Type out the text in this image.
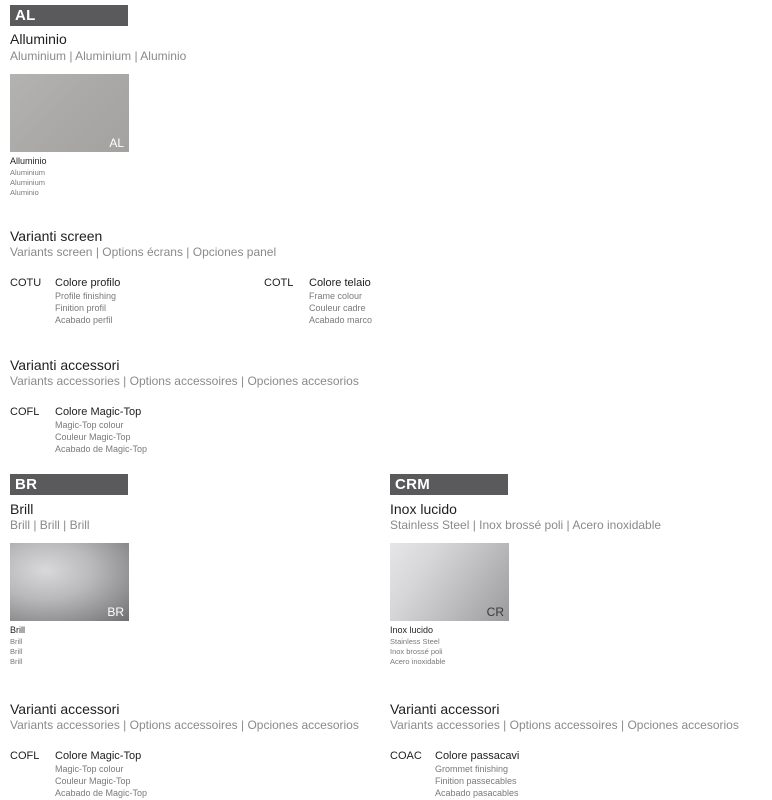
AL
Alluminio
Aluminium | Aluminium | Aluminio
AL
Alluminio
Aluminium
Aluminium
Aluminio
Varianti screen
Variants screen | Options écrans | Opciones panel
COTU Colore profilo
Profile finishing
Finition profil
Acabado perfil
COTL Colore telaio
Frame colour
Couleur cadre
Acabado marco
Varianti accessori
Variants accessories | Options accessoires | Opciones accesorios
COFL Colore Magic-Top
Magic-Top colour
Couleur Magic-Top
Acabado de Magic-Top
BR
Brill
Brill | Brill | Brill
BR
Brill
Brill
Brill
Brill
Varianti accessori
Variants accessories | Options accessoires | Opciones accesorios
COFL Colore Magic-Top
Magic-Top colour
Couleur Magic-Top
Acabado de Magic-Top
CRM
Inox lucido
Stainless Steel | Inox brossé poli | Acero inoxidable
CR
Inox lucido
Stainless Steel
Inox brossé poli
Acero inoxidable
Varianti accessori
Variants accessories | Options accessoires | Opciones accesorios
COAC Colore passacavi
Grommet finishing
Finition passecables
Acabado pasacables
